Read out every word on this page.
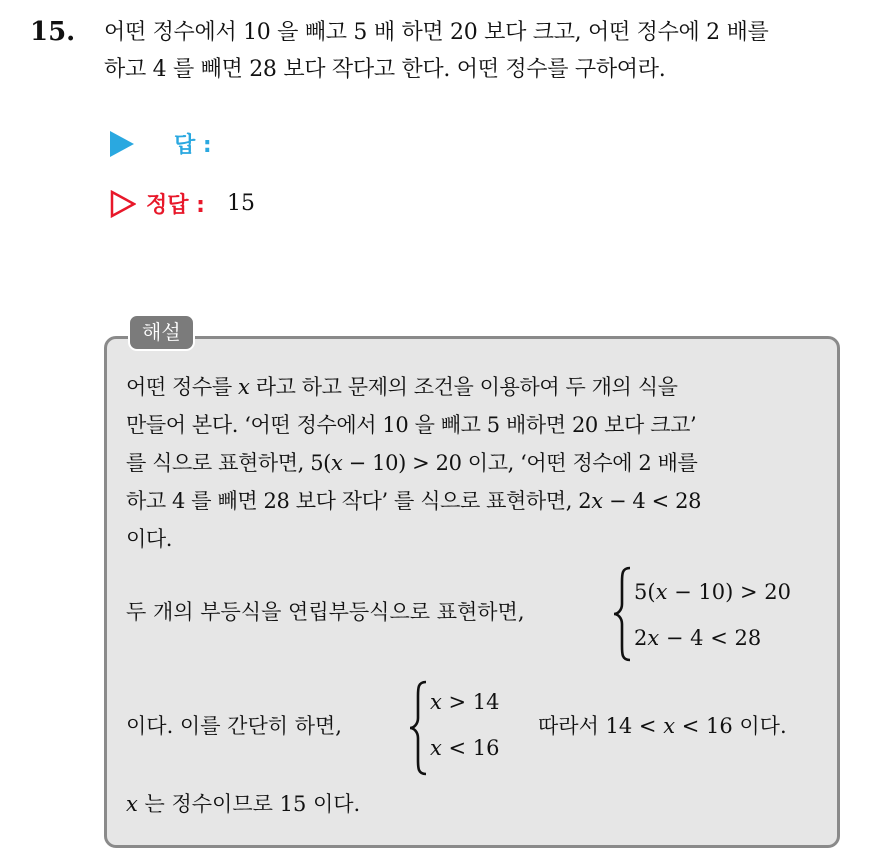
15. 어떤 정수에서 10 을 빼고 5 배 하면 20 보다 크고, 어떤 정수에 2 배를
하고 4 를 빼면 28 보다 작다고 한다. 어떤 정수를 구하여라.
답 :
정답 : 15
해설
어떤 정수를 x 라고 하고 문제의 조건을 이용하여 두 개의 식을
만들어 본다. ‘어떤 정수에서 10 을 빼고 5 배하면 20 보다 크고’
를 식으로 표현하면, 5(x − 10) > 20 이고, ‘어떤 정수에 2 배를
하고 4 를 빼면 28 보다 작다’ 를 식으로 표현하면, 2x − 4 < 28
이다.
두 개의 부등식을 연립부등식으로 표현하면,
5(x − 10) > 20
2x − 4 < 28
이다. 이를 간단히 하면,
x > 14
x < 16
따라서 14 < x < 16 이다.
x 는 정수이므로 15 이다.
